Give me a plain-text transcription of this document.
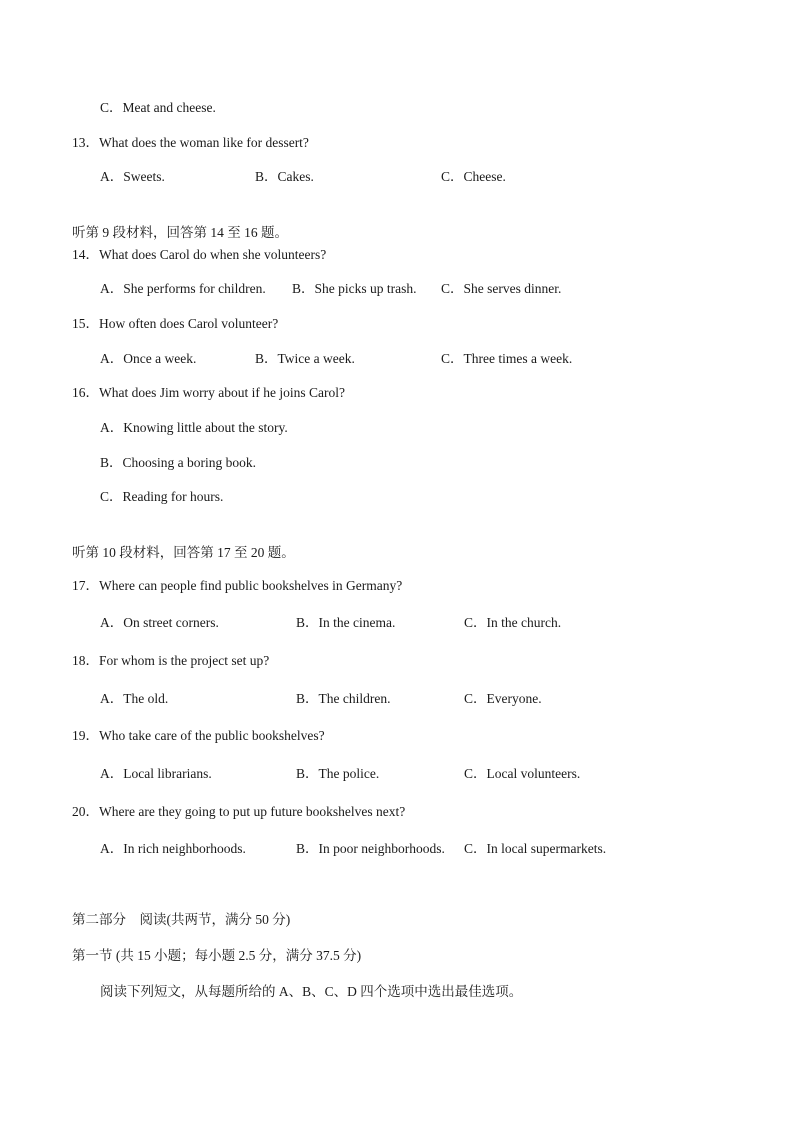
C．Meat and cheese.
13．What does the woman like for dessert?
A．Sweets.	B．Cakes.	C．Cheese.
听第 9 段材料，回答第 14 至 16 题。
14．What does Carol do when she volunteers?
A．She performs for children. B．She picks up trash. C．She serves dinner.
15．How often does Carol volunteer?
A．Once a week.	B．Twice a week.	C．Three times a week.
16．What does Jim worry about if he joins Carol?
A．Knowing little about the story.
B．Choosing a boring book.
C．Reading for hours.
听第 10 段材料，回答第 17 至 20 题。
17．Where can people find public bookshelves in Germany?
A．On street corners.	B．In the cinema.	C．In the church.
18．For whom is the project set up?
A．The old.	B．The children.	C．Everyone.
19．Who take care of the public bookshelves?
A．Local librarians.	B．The police.	C．Local volunteers.
20．Where are they going to put up future bookshelves next?
A．In rich neighborhoods.	B．In poor neighborhoods. C．In local supermarkets.
第二部分　阅读(共两节，满分 50 分)
第一节 (共 15 小题；每小题 2.5 分，满分 37.5 分)
阅读下列短文，从每题所给的 A、B、C、D 四个选项中选出最佳选项。
